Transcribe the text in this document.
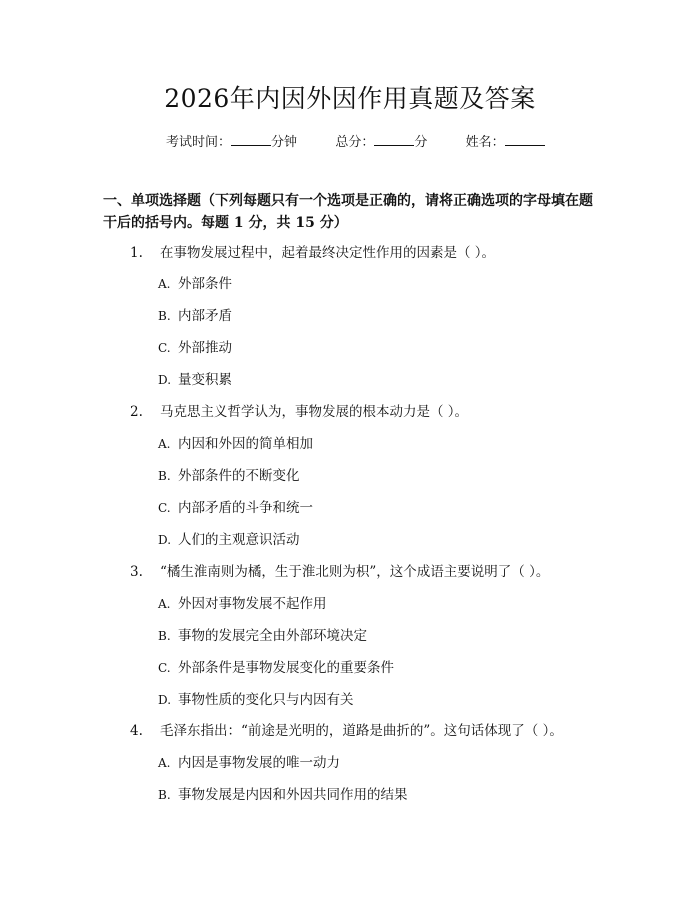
2026年内因外因作用真题及答案
考试时间：	分钟	总分：	分	姓名：
一、单项选择题（下列每题只有一个选项是正确的，请将正确选项的字母填在题干后的括号内。每题 1 分，共 15 分）
1. 在事物发展过程中，起着最终决定性作用的因素是（ ）。
A. 外部条件
B. 内部矛盾
C. 外部推动
D. 量变积累
2. 马克思主义哲学认为，事物发展的根本动力是（ ）。
A. 内因和外因的简单相加
B. 外部条件的不断变化
C. 内部矛盾的斗争和统一
D. 人们的主观意识活动
3. “橘生淮南则为橘，生于淮北则为枳”，这个成语主要说明了（ ）。
A. 外因对事物发展不起作用
B. 事物的发展完全由外部环境决定
C. 外部条件是事物发展变化的重要条件
D. 事物性质的变化只与内因有关
4. 毛泽东指出：“前途是光明的，道路是曲折的”。这句话体现了（ ）。
A. 内因是事物发展的唯一动力
B. 事物发展是内因和外因共同作用的结果
